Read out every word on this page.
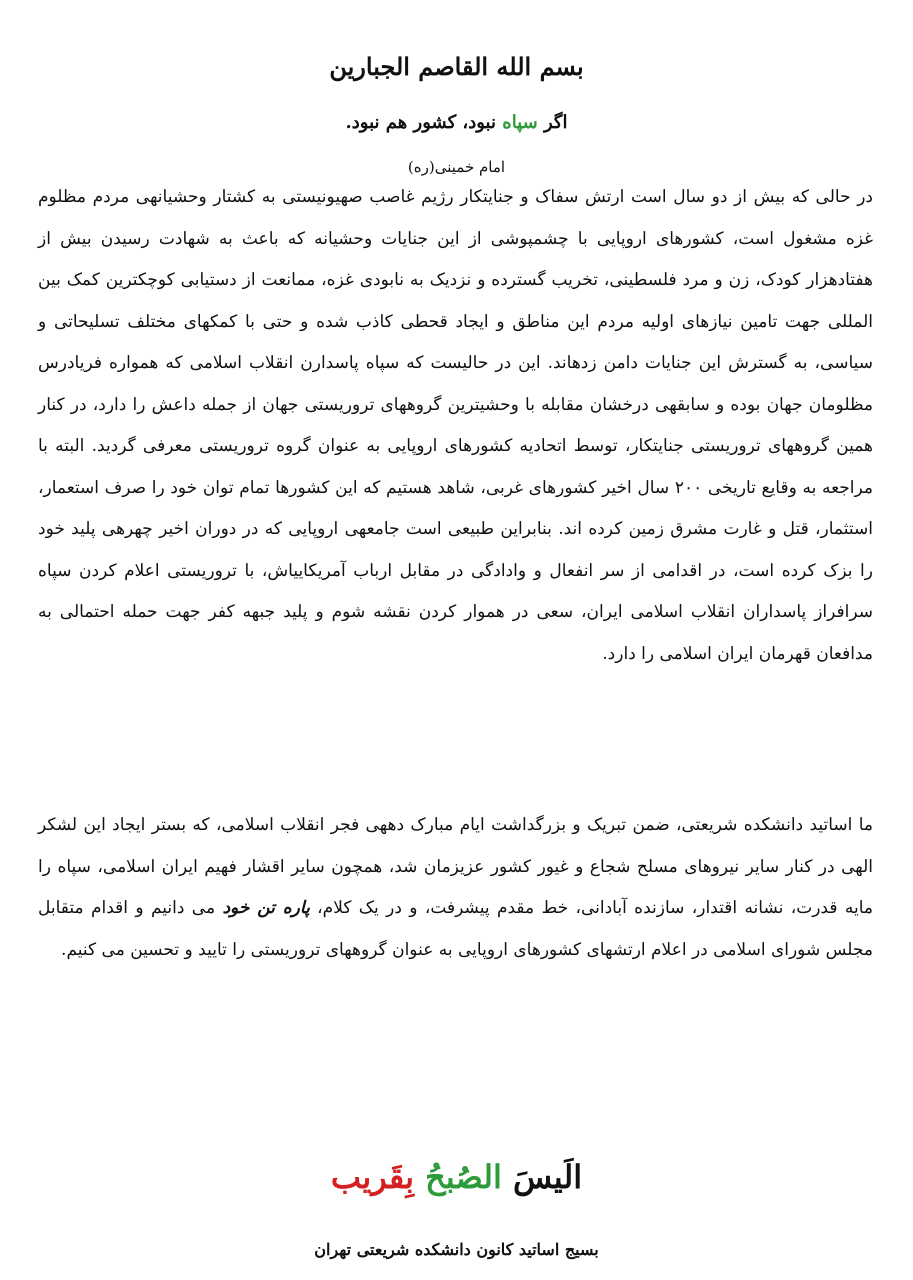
بسم الله القاصم الجبارین
اگر سپاه نبود، کشور هم نبود.
امام خمینی(ره)
در حالی که بیش از دو سال است ارتش سفاک و جنایتکار رژیم غاصب صهیونیستی به کشتار وحشیانهی مردم مظلوم غزه مشغول است، کشورهای اروپایی با چشمپوشی از این جنایات وحشیانه که باعث به شهادت رسیدن بیش از هفتادهزار کودک، زن و مرد فلسطینی، تخریب گسترده و نزدیک به نابودی غزه، ممانعت از دستیابی کوچکترین کمک بین المللی جهت تامین نیازهای اولیه مردم این مناطق و ایجاد قحطی کاذب شده و حتی با کمکهای مختلف تسلیحاتی و سیاسی، به گسترش این جنایات دامن زدهاند. این در حالیست که سپاه پاسدارن انقلاب اسلامی که همواره فریادرس مظلومان جهان بوده و سابقهی درخشان مقابله با وحشیترین گروههای تروریستی جهان از جمله داعش را دارد، در کنار همین گروههای تروریستی جنایتکار، توسط اتحادیه کشورهای اروپایی به عنوان گروه تروریستی معرفی گردید. البته با مراجعه به وقایع تاریخی ۲۰۰ سال اخیر کشورهای غربی، شاهد هستیم که این کشورها تمام توان خود را صرف استعمار، استثمار، قتل و غارت مشرق زمین کرده اند. بنابراین طبیعی است جامعهی اروپایی که در دوران اخیر چهرهی پلید خود را بزک کرده است، در اقدامی از سر انفعال و وادادگی در مقابل ارباب آمریکاییاش، با تروریستی اعلام کردن سپاه سرافراز پاسداران انقلاب اسلامی ایران، سعی در هموار کردن نقشه شوم و پلید جبهه کفر جهت حمله احتمالی به مدافعان قهرمان ایران اسلامی را دارد.
ما اساتید دانشکده شریعتی، ضمن تبریک و بزرگداشت ایام مبارک دههی فجر انقلاب اسلامی، که بستر ایجاد این لشکر الهی در کنار سایر نیروهای مسلح شجاع و غیور کشور عزیزمان شد، همچون سایر اقشار فهیم ایران اسلامی، سپاه را مایه قدرت، نشانه اقتدار، سازنده آبادانی، خط مقدم پیشرفت، و در یک کلام، پاره تن خود می دانیم و اقدام متقابل مجلس شورای اسلامی در اعلام ارتشهای کشورهای اروپایی به عنوان گروههای تروریستی را تایید و تحسین می کنیم.
الَیسَ الصُبحُ بِقَریب
بسیج اساتید کانون دانشکده شریعتی تهران
